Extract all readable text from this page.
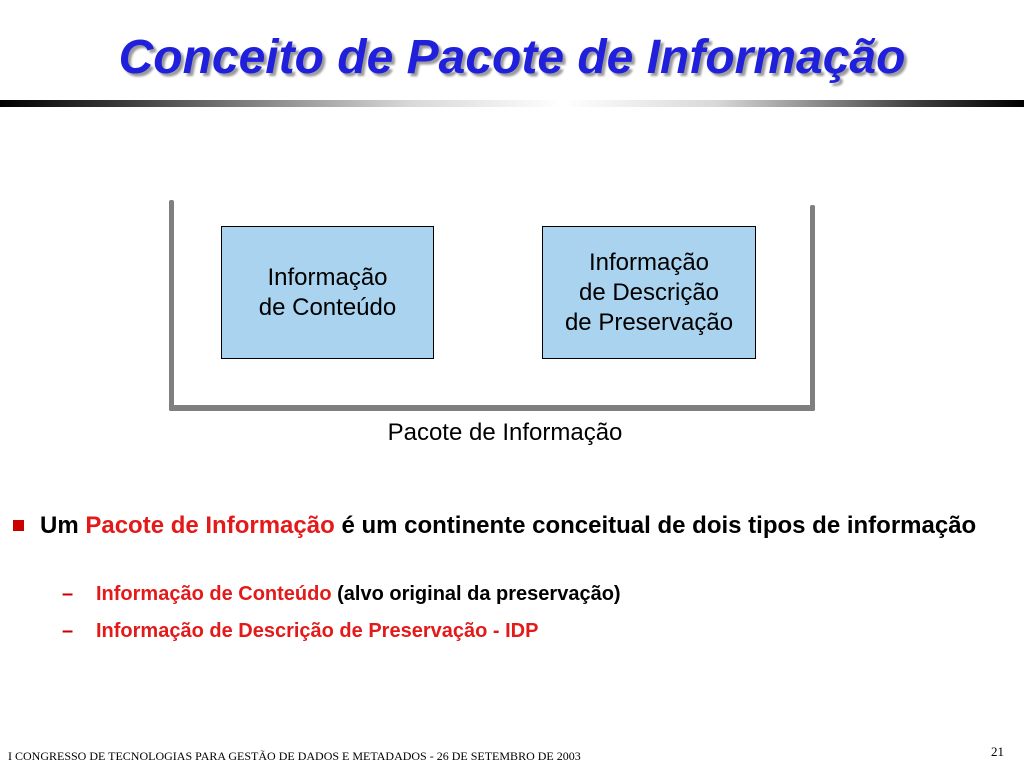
Conceito de Pacote de Informação
Informação
de Conteúdo
Informação
de Descrição
de Preservação

Pacote de Informação

Um Pacote de Informação é um continente conceitual de dois tipos de informação

– Informação de Conteúdo (alvo original da preservação)

– Informação de Descrição de Preservação - IDP

I CONGRESSO DE TECNOLOGIAS PARA GESTÃO DE DADOS E METADADOS - 26 DE SETEMBRO DE 2003	21
